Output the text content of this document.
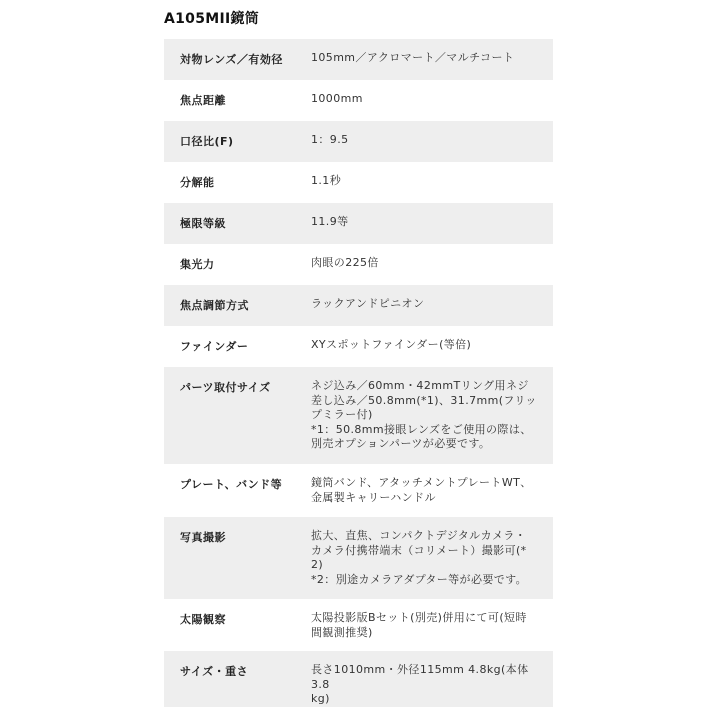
A105MII鏡筒
対物レンズ／有効径	105mm／アクロマート／マルチコート
焦点距離	1000mm
口径比(F)	1：9.5
分解能	1.1秒
極限等級	11.9等
集光力	肉眼の225倍
焦点調節方式	ラックアンドピニオン
ファインダー	XYスポットファインダー(等倍)
パーツ取付サイズ	ネジ込み／60mm・42mmTリング用ネジ
差し込み／50.8mm(*1)、31.7mm(フリッ
プミラー付)
*1：50.8mm接眼レンズをご使用の際は、
別売オプションパーツが必要です。
プレート、バンド等	鏡筒バンド、アタッチメントプレートWT、
金属製キャリーハンドル
写真撮影	拡大、直焦、コンパクトデジタルカメラ・
カメラ付携帯端末（コリメート）撮影可(*
2)
*2：別途カメラアダプター等が必要です。
太陽観察	太陽投影版Bセット(別売)併用にて可(短時
間観測推奨)
サイズ・重さ	長さ1010mm・外径115mm 4.8kg(本体3.8
kg)
